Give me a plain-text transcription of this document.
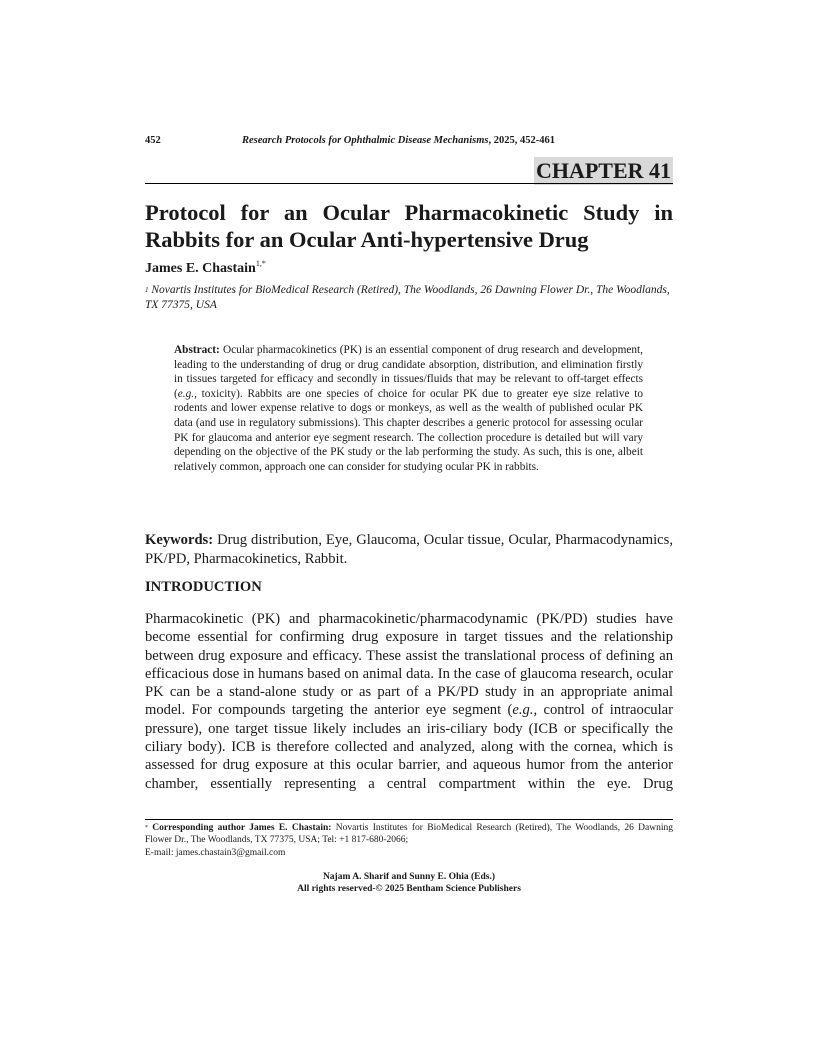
452	Research Protocols for Ophthalmic Disease Mechanisms, 2025, 452-461
CHAPTER 41
Protocol for an Ocular Pharmacokinetic Study in Rabbits for an Ocular Anti-hypertensive Drug
James E. Chastain$^{1,*}$
$^1$ Novartis Institutes for BioMedical Research (Retired), The Woodlands, 26 Dawning Flower Dr., The Woodlands, TX 77375, USA
Abstract: Ocular pharmacokinetics (PK) is an essential component of drug research and development, leading to the understanding of drug or drug candidate absorption, distribution, and elimination firstly in tissues targeted for efficacy and secondly in tissues/fluids that may be relevant to off-target effects (e.g., toxicity). Rabbits are one species of choice for ocular PK due to greater eye size relative to rodents and lower expense relative to dogs or monkeys, as well as the wealth of published ocular PK data (and use in regulatory submissions). This chapter describes a generic protocol for assessing ocular PK for glaucoma and anterior eye segment research. The collection procedure is detailed but will vary depending on the objective of the PK study or the lab performing the study. As such, this is one, albeit relatively common, approach one can consider for studying ocular PK in rabbits.
Keywords: Drug distribution, Eye, Glaucoma, Ocular tissue, Ocular, Pharmacodynamics, PK/PD, Pharmacokinetics, Rabbit.
INTRODUCTION
Pharmacokinetic (PK) and pharmacokinetic/pharmacodynamic (PK/PD) studies have become essential for confirming drug exposure in target tissues and the relationship between drug exposure and efficacy. These assist the translational process of defining an efficacious dose in humans based on animal data. In the case of glaucoma research, ocular PK can be a stand-alone study or as part of a PK/PD study in an appropriate animal model. For compounds targeting the anterior eye segment (e.g., control of intraocular pressure), one target tissue likely includes an iris-ciliary body (ICB or specifically the ciliary body). ICB is therefore collected and analyzed, along with the cornea, which is assessed for drug exposure at this ocular barrier, and aqueous humor from the anterior chamber, essentially representing a central compartment within the eye. Drug
* Corresponding author James E. Chastain: Novartis Institutes for BioMedical Research (Retired), The Woodlands, 26 Dawning Flower Dr., The Woodlands, TX 77375, USA; Tel: +1 817-680-2066;
E-mail: james.chastain3@gmail.com
Najam A. Sharif and Sunny E. Ohia (Eds.)
All rights reserved-© 2025 Bentham Science Publishers
